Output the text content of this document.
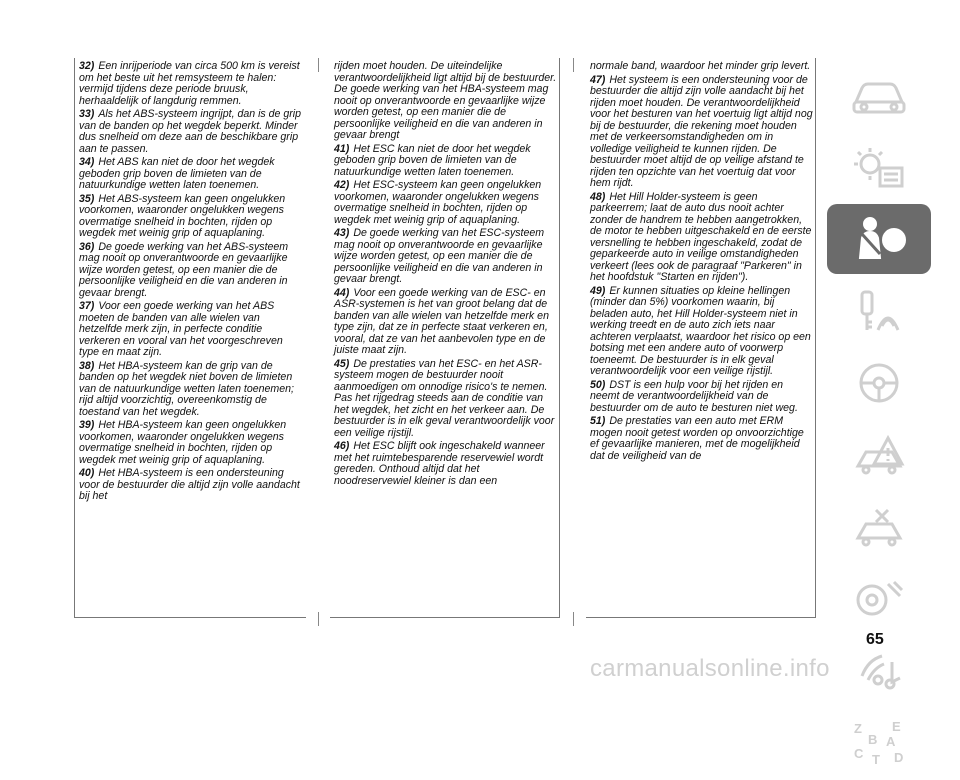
32) Een inrijperiode van circa 500 km is vereist om het beste uit het remsysteem te halen: vermijd tijdens deze periode bruusk, herhaaldelijk of langdurig remmen.

33) Als het ABS-systeem ingrijpt, dan is de grip van de banden op het wegdek beperkt. Minder dus snelheid om deze aan de beschikbare grip aan te passen.

34) Het ABS kan niet de door het wegdek geboden grip boven de limieten van de natuurkundige wetten laten toenemen.

35) Het ABS-systeem kan geen ongelukken voorkomen, waaronder ongelukken wegens overmatige snelheid in bochten, rijden op wegdek met weinig grip of aquaplaning.

36) De goede werking van het ABS-systeem mag nooit op onverantwoorde en gevaarlijke wijze worden getest, op een manier die de persoonlijke veiligheid en die van anderen in gevaar brengt.

37) Voor een goede werking van het ABS moeten de banden van alle wielen van hetzelfde merk zijn, in perfecte conditie verkeren en vooral van het voorgeschreven type en maat zijn.

38) Het HBA-systeem kan de grip van de banden op het wegdek niet boven de limieten van de natuurkundige wetten laten toenemen; rijd altijd voorzichtig, overeenkomstig de toestand van het wegdek.

39) Het HBA-systeem kan geen ongelukken voorkomen, waaronder ongelukken wegens overmatige snelheid in bochten, rijden op wegdek met weinig grip of aquaplaning.

40) Het HBA-systeem is een ondersteuning voor de bestuurder die altijd zijn volle aandacht bij het

rijden moet houden. De uiteindelijke verantwoordelijkheid ligt altijd bij de bestuurder. De goede werking van het HBA-systeem mag nooit op onverantwoorde en gevaarlijke wijze worden getest, op een manier die de persoonlijke veiligheid en die van anderen in gevaar brengt

41) Het ESC kan niet de door het wegdek geboden grip boven de limieten van de natuurkundige wetten laten toenemen.

42) Het ESC-systeem kan geen ongelukken voorkomen, waaronder ongelukken wegens overmatige snelheid in bochten, rijden op wegdek met weinig grip of aquaplaning.

43) De goede werking van het ESC-systeem mag nooit op onverantwoorde en gevaarlijke wijze worden getest, op een manier die de persoonlijke veiligheid en die van anderen in gevaar brengt.

44) Voor een goede werking van de ESC- en ASR-systemen is het van groot belang dat de banden van alle wielen van hetzelfde merk en type zijn, dat ze in perfecte staat verkeren en, vooral, dat ze van het aanbevolen type en de juiste maat zijn.

45) De prestaties van het ESC- en het ASR-systeem mogen de bestuurder nooit aanmoedigen om onnodige risico's te nemen. Pas het rijgedrag steeds aan de conditie van het wegdek, het zicht en het verkeer aan. De bestuurder is in elk geval verantwoordelijk voor een veilige rijstijl.

46) Het ESC blijft ook ingeschakeld wanneer met het ruimtebesparende reservewiel wordt gereden. Onthoud altijd dat het noodreservewiel kleiner is dan een

normale band, waardoor het minder grip levert.

47) Het systeem is een ondersteuning voor de bestuurder die altijd zijn volle aandacht bij het rijden moet houden. De verantwoordelijkheid voor het besturen van het voertuig ligt altijd nog bij de bestuurder, die rekening moet houden met de verkeersomstandigheden om in volledige veiligheid te kunnen rijden. De bestuurder moet altijd de op veilige afstand te rijden ten opzichte van het voertuig dat voor hem rijdt.

48) Het Hill Holder-systeem is geen parkeerrem; laat de auto dus nooit achter zonder de handrem te hebben aangetrokken, de motor te hebben uitgeschakeld en de eerste versnelling te hebben ingeschakeld, zodat de geparkeerde auto in veilige omstandigheden verkeert (lees ook de paragraaf "Parkeren" in het hoofdstuk "Starten en rijden").

49) Er kunnen situaties op kleine hellingen (minder dan 5%) voorkomen waarin, bij beladen auto, het Hill Holder-systeem niet in werking treedt en de auto zich iets naar achteren verplaatst, waardoor het risico op een botsing met een andere auto of voorwerp toeneemt. De bestuurder is in elk geval verantwoordelijk voor een veilige rijstijl.

50) DST is een hulp voor bij het rijden en neemt de verantwoordelijkheid van de bestuurder om de auto te besturen niet weg.

51) De prestaties van een auto met ERM mogen nooit getest worden op onvoorzichtige ef gevaarlijke manieren, met de mogelijkheid dat de veiligheid van de

Z E
B A
C T D
65
carmanualsonline.info
